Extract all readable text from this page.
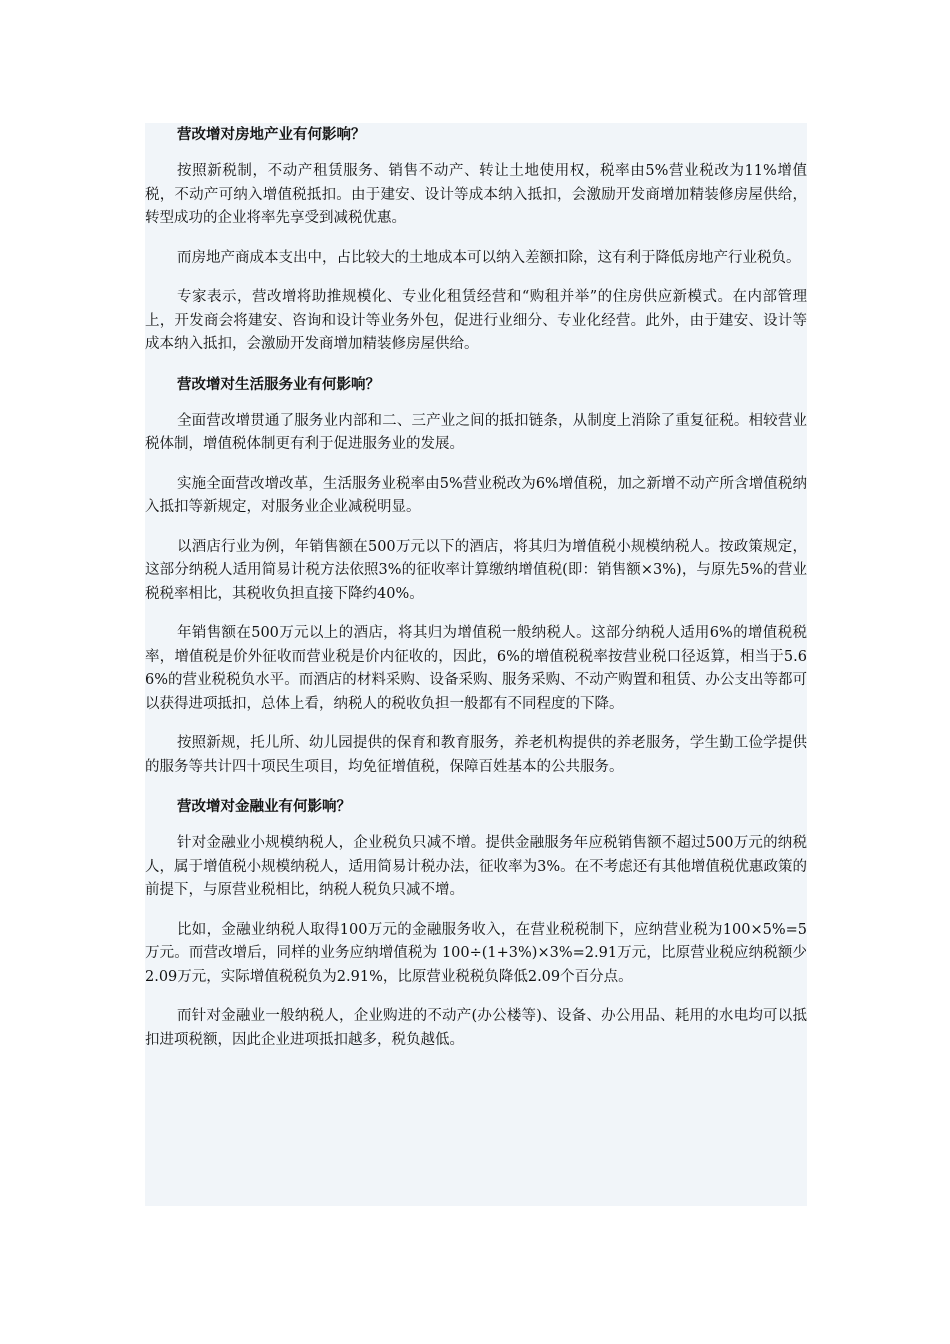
营改增对房地产业有何影响？
按照新税制，不动产租赁服务、销售不动产、转让土地使用权，税率由5%营业税改为11%增值税，不动产可纳入增值税抵扣。由于建安、设计等成本纳入抵扣，会激励开发商增加精装修房屋供给，转型成功的企业将率先享受到减税优惠。
而房地产商成本支出中，占比较大的土地成本可以纳入差额扣除，这有利于降低房地产行业税负。
专家表示，营改增将助推规模化、专业化租赁经营和“购租并举”的住房供应新模式。在内部管理上，开发商会将建安、咨询和设计等业务外包，促进行业细分、专业化经营。此外，由于建安、设计等成本纳入抵扣，会激励开发商增加精装修房屋供给。
营改增对生活服务业有何影响？
全面营改增贯通了服务业内部和二、三产业之间的抵扣链条，从制度上消除了重复征税。相较营业税体制，增值税体制更有利于促进服务业的发展。
实施全面营改增改革，生活服务业税率由5%营业税改为6%增值税，加之新增不动产所含增值税纳入抵扣等新规定，对服务业企业减税明显。
以酒店行业为例，年销售额在500万元以下的酒店，将其归为增值税小规模纳税人。按政策规定，这部分纳税人适用简易计税方法依照3%的征收率计算缴纳增值税(即：销售额×3%)，与原先5%的营业税税率相比，其税收负担直接下降约40%。
年销售额在500万元以上的酒店，将其归为增值税一般纳税人。这部分纳税人适用6%的增值税税率，增值税是价外征收而营业税是价内征收的，因此，6%的增值税税率按营业税口径返算，相当于5.66%的营业税税负水平。而酒店的材料采购、设备采购、服务采购、不动产购置和租赁、办公支出等都可以获得进项抵扣，总体上看，纳税人的税收负担一般都有不同程度的下降。
按照新规，托儿所、幼儿园提供的保育和教育服务，养老机构提供的养老服务，学生勤工俭学提供的服务等共计四十项民生项目，均免征增值税，保障百姓基本的公共服务。
营改增对金融业有何影响？
针对金融业小规模纳税人，企业税负只减不增。提供金融服务年应税销售额不超过500万元的纳税人，属于增值税小规模纳税人，适用简易计税办法，征收率为3%。在不考虑还有其他增值税优惠政策的前提下，与原营业税相比，纳税人税负只减不增。
比如，金融业纳税人取得100万元的金融服务收入，在营业税税制下，应纳营业税为100×5%=5万元。而营改增后，同样的业务应纳增值税为 100÷(1+3%)×3%=2.91万元，比原营业税应纳税额少2.09万元，实际增值税税负为2.91%，比原营业税税负降低2.09个百分点。
而针对金融业一般纳税人，企业购进的不动产(办公楼等)、设备、办公用品、耗用的水电均可以抵扣进项税额，因此企业进项抵扣越多，税负越低。
